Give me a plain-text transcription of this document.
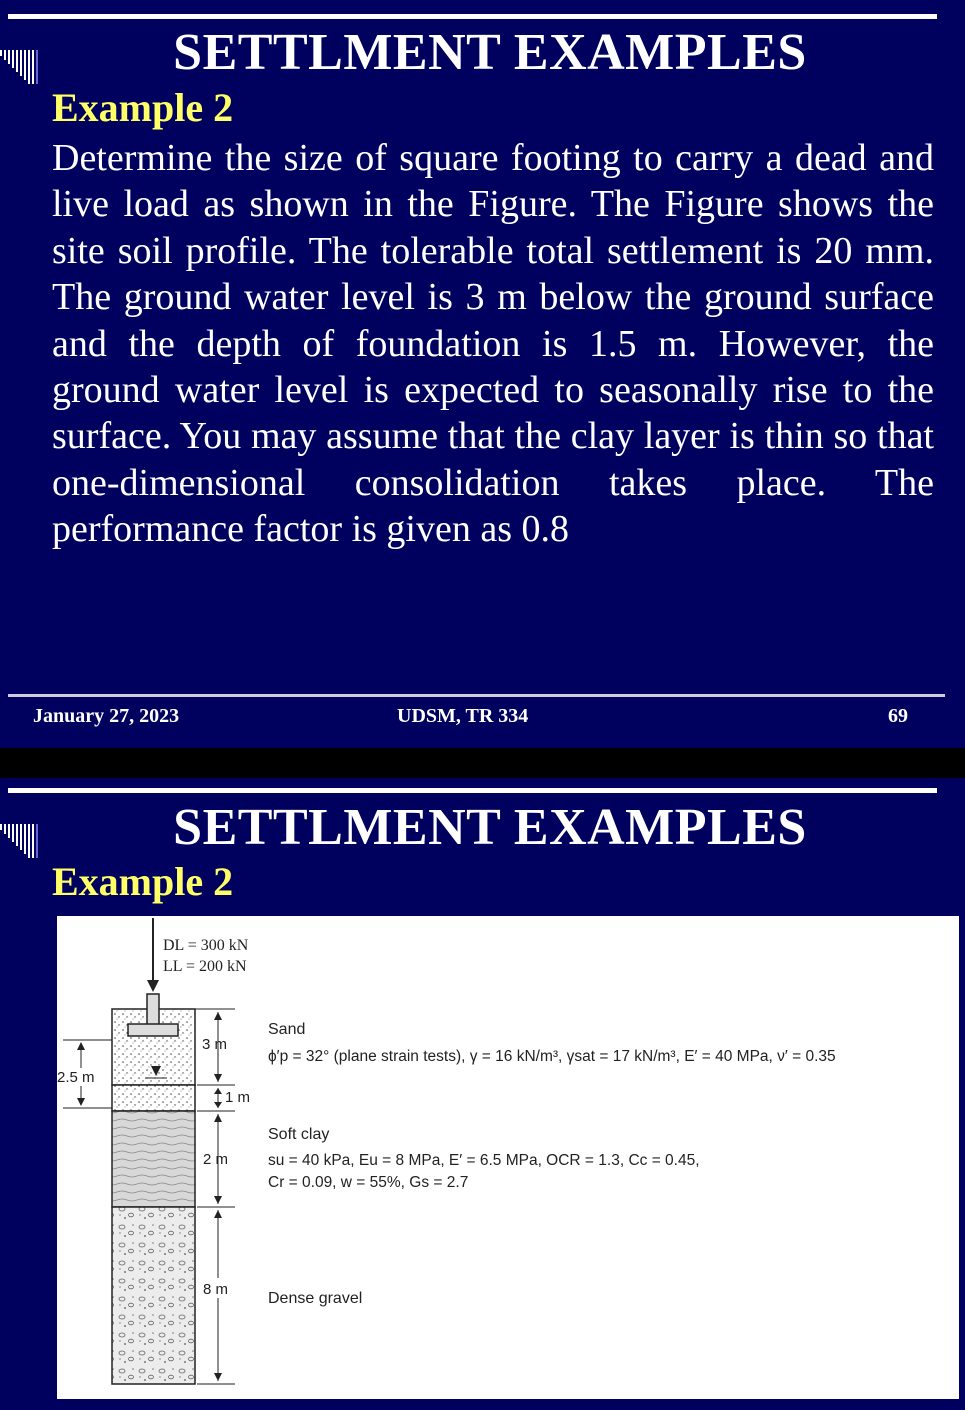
SETTLMENT EXAMPLES
Example 2
Determine the size of square footing to carry a dead and live load as shown in the Figure. The Figure shows the site soil profile. The tolerable total settlement is 20 mm. The ground water level is 3 m below the ground surface and the depth of foundation is 1.5 m. However, the ground water level is expected to seasonally rise to the surface. You may assume that the clay layer is thin so that one-dimensional consolidation takes place. The performance factor is given as 0.8
January 27, 2023	UDSM, TR 334	69
SETTLMENT EXAMPLES
Example 2
DL = 300 kN
LL = 200 kN
2.5 m
3 m
1 m
2 m
8 m
Sand
ϕ′p = 32° (plane strain tests), γ = 16 kN/m³, γsat = 17 kN/m³, E′ = 40 MPa, ν′ = 0.35
Soft clay
su = 40 kPa, Eu = 8 MPa, E′ = 6.5 MPa, OCR = 1.3, Cc = 0.45,
Cr = 0.09, w = 55%, Gs = 2.7
Dense gravel
